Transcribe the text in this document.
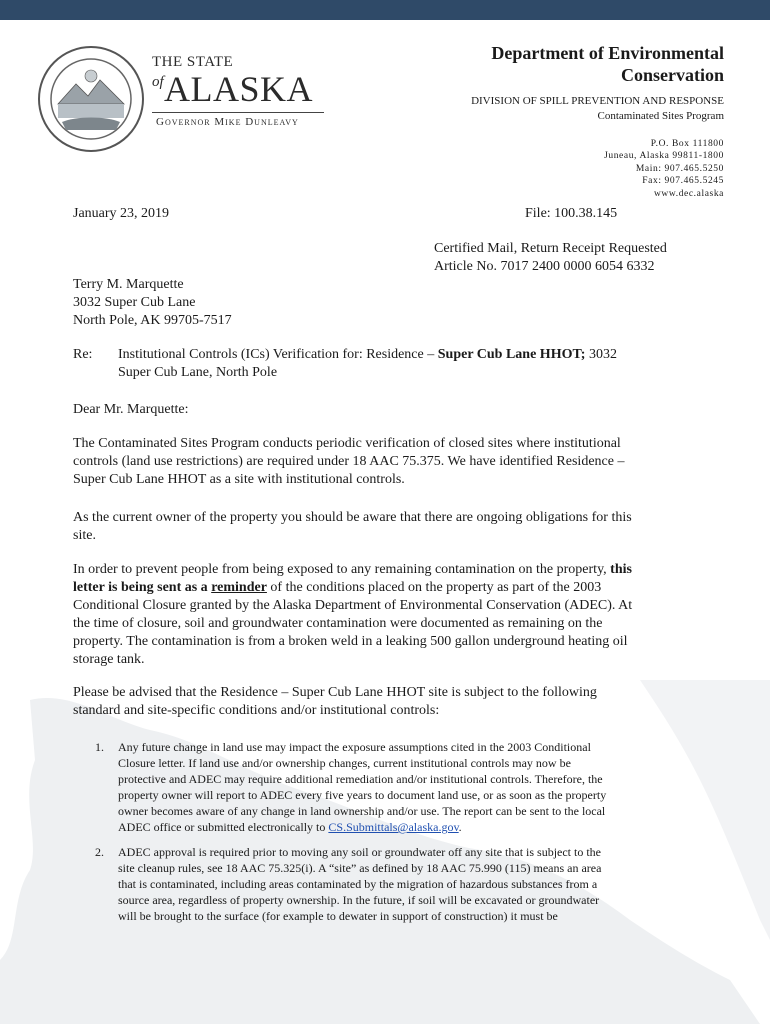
THE STATE
of ALASKA
Governor Mike Dunleavy
Department of Environmental
Conservation
DIVISION OF SPILL PREVENTION AND RESPONSE
Contaminated Sites Program
P.O. Box 111800
Juneau, Alaska 99811-1800
Main: 907.465.5250
Fax: 907.465.5245
www.dec.alaska
January 23, 2019	File: 100.38.145
Certified Mail, Return Receipt Requested
Article No. 7017 2400 0000 6054 6332
Terry M. Marquette
3032 Super Cub Lane
North Pole, AK 99705-7517
Re: Institutional Controls (ICs) Verification for: Residence – Super Cub Lane HHOT; 3032
Super Cub Lane, North Pole
Dear Mr. Marquette:
The Contaminated Sites Program conducts periodic verification of closed sites where institutional
controls (land use restrictions) are required under 18 AAC 75.375. We have identified Residence –
Super Cub Lane HHOT as a site with institutional controls.
As the current owner of the property you should be aware that there are ongoing obligations for this
site.
In order to prevent people from being exposed to any remaining contamination on the property, this
letter is being sent as a reminder of the conditions placed on the property as part of the 2003
Conditional Closure granted by the Alaska Department of Environmental Conservation (ADEC). At
the time of closure, soil and groundwater contamination were documented as remaining on the
property. The contamination is from a broken weld in a leaking 500 gallon underground heating oil
storage tank.
Please be advised that the Residence – Super Cub Lane HHOT site is subject to the following
standard and site-specific conditions and/or institutional controls:
1. Any future change in land use may impact the exposure assumptions cited in the 2003 Conditional
Closure letter. If land use and/or ownership changes, current institutional controls may now be
protective and ADEC may require additional remediation and/or institutional controls. Therefore, the
property owner will report to ADEC every five years to document land use, or as soon as the property
owner becomes aware of any change in land ownership and/or use. The report can be sent to the local
ADEC office or submitted electronically to CS.Submittals@alaska.gov.
2. ADEC approval is required prior to moving any soil or groundwater off any site that is subject to the
site cleanup rules, see 18 AAC 75.325(i). A “site” as defined by 18 AAC 75.990 (115) means an area
that is contaminated, including areas contaminated by the migration of hazardous substances from a
source area, regardless of property ownership. In the future, if soil will be excavated or groundwater
will be brought to the surface (for example to dewater in support of construction) it must be
